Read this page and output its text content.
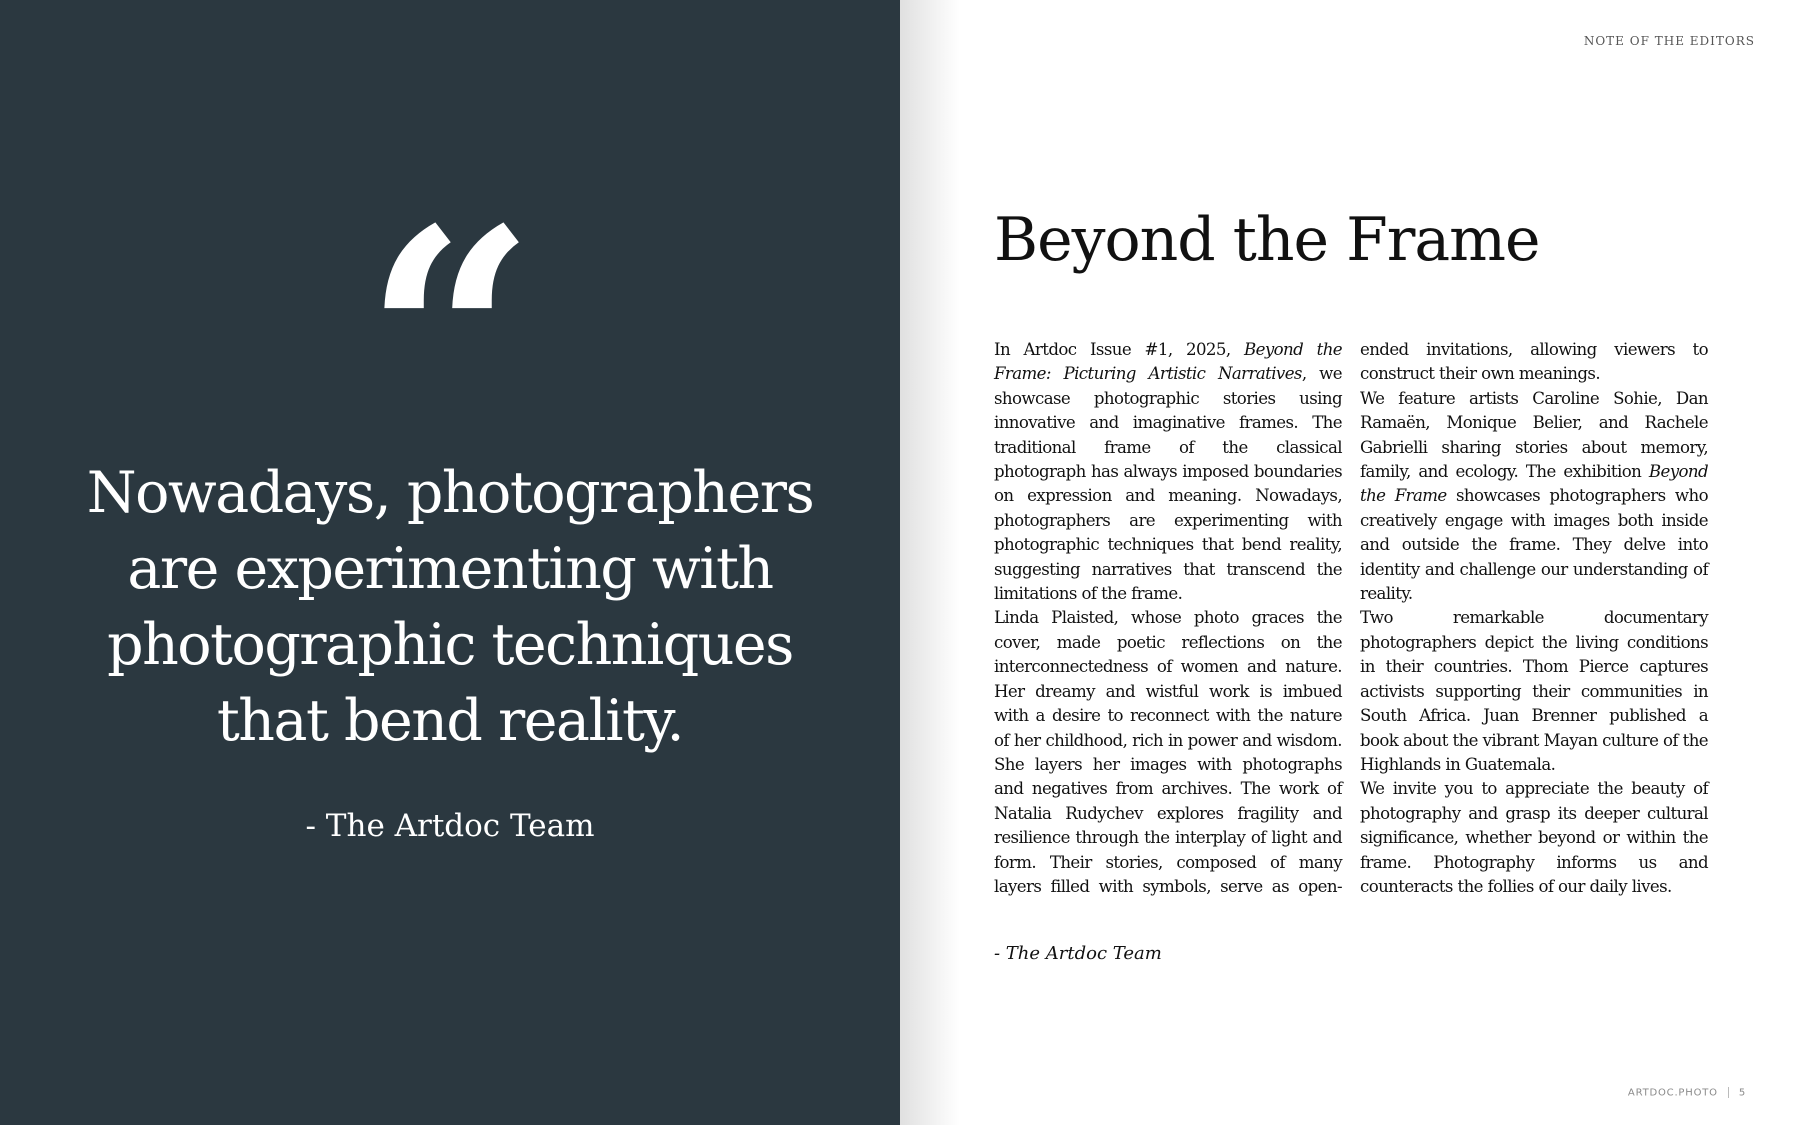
“

Nowadays, photographers are experimenting with photographic techniques that bend reality.

- The Artdoc Team
NOTE OF THE EDITORS
Beyond the Frame

In Artdoc Issue #1, 2025, Beyond the Frame: Picturing Artistic Narratives, we showcase photographic stories using innovative and imaginative frames. The traditional frame of the classical photograph has always imposed boundaries on expression and meaning. Nowadays, photographers are experimenting with photographic techniques that bend reality, suggesting narratives that transcend the limitations of the frame.

Linda Plaisted, whose photo graces the cover, made poetic reflections on the interconnectedness of women and nature. Her dreamy and wistful work is imbued with a desire to reconnect with the nature of her childhood, rich in power and wisdom. She layers her images with photographs and negatives from archives. The work of Natalia Rudychev explores fragility and resilience through the interplay of light and form. Their stories, composed of many layers filled with symbols, serve as open-ended invitations, allowing viewers to construct their own meanings.

We feature artists Caroline Sohie, Dan Ramaën, Monique Belier, and Rachele Gabrielli sharing stories about memory, family, and ecology. The exhibition Beyond the Frame showcases photographers who creatively engage with images both inside and outside the frame. They delve into identity and challenge our understanding of reality.

Two remarkable documentary photographers depict the living conditions in their countries. Thom Pierce captures activists supporting their communities in South Africa. Juan Brenner published a book about the vibrant Mayan culture of the Highlands in Guatemala.

We invite you to appreciate the beauty of photography and grasp its deeper cultural significance, whether beyond or within the frame. Photography informs us and counteracts the follies of our daily lives.

- The Artdoc Team
ARTDOC.PHOTO 5
